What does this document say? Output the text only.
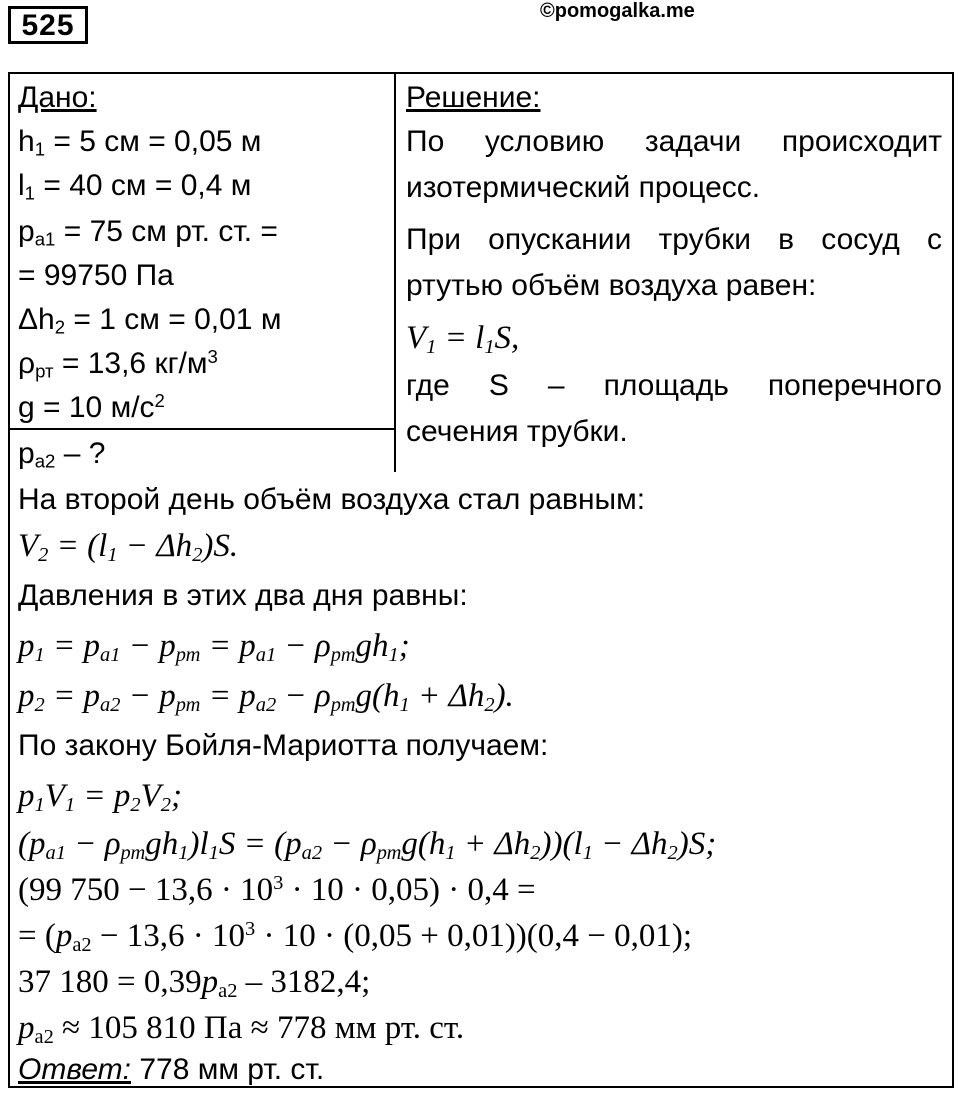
525	©pomogalka.me
Дано:
$h_1 = 5$ см = 0,05 м
$l_1 = 40$ см = 0,4 м
$p_{a1} = 75$ см рт. ст. =
= 99750 Па
$\Delta h_2 = 1$ см = 0,01 м
$\rho_{рт} = 13,6$ $кг/м^3$
g = 10 $м/с^2$
$p_{a2}$ – ?
Решение:
По условию задачи происходит
изотермический процесс.
При опускании трубки в сосуд с
ртутью объём воздуха равен:
$V_1 = l_1S$,
где S – площадь поперечного
сечения трубки.
На второй день объём воздуха стал равным:
$V_2 = (l_1 - \Delta h_2)S$.
Давления в этих два дня равны:
$p_1 = p_{a1} - p_{рт} = p_{a1} - \rho_{рт}gh_1$;
$p_2 = p_{a2} - p_{рт} = p_{a2} - \rho_{рт}g(h_1 + \Delta h_2)$.
По закону Бойля-Мариотта получаем:
$p_1V_1 = p_2V_2$;
$(p_{a1} - \rho_{рт}gh_1)l_1S = (p_{a2} - \rho_{рт}g(h_1 + \Delta h_2))(l_1 - \Delta h_2)S$;
(99 $750 - 13,6 \cdot 10^3 \cdot 10 \cdot 0,05) \cdot 0,4$ =
= $(p_{a2} - 13,6 \cdot 10^3 \cdot 10 \cdot (0,05 + 0,01))(0,4 - 0,01)$;
37 $180 = 0,39p_{a2} - 3182,4$;
$p_{a2} \approx 105$ 810 Па ≈ 778 мм рт. ст.
Ответ: 778 мм рт. ст.
